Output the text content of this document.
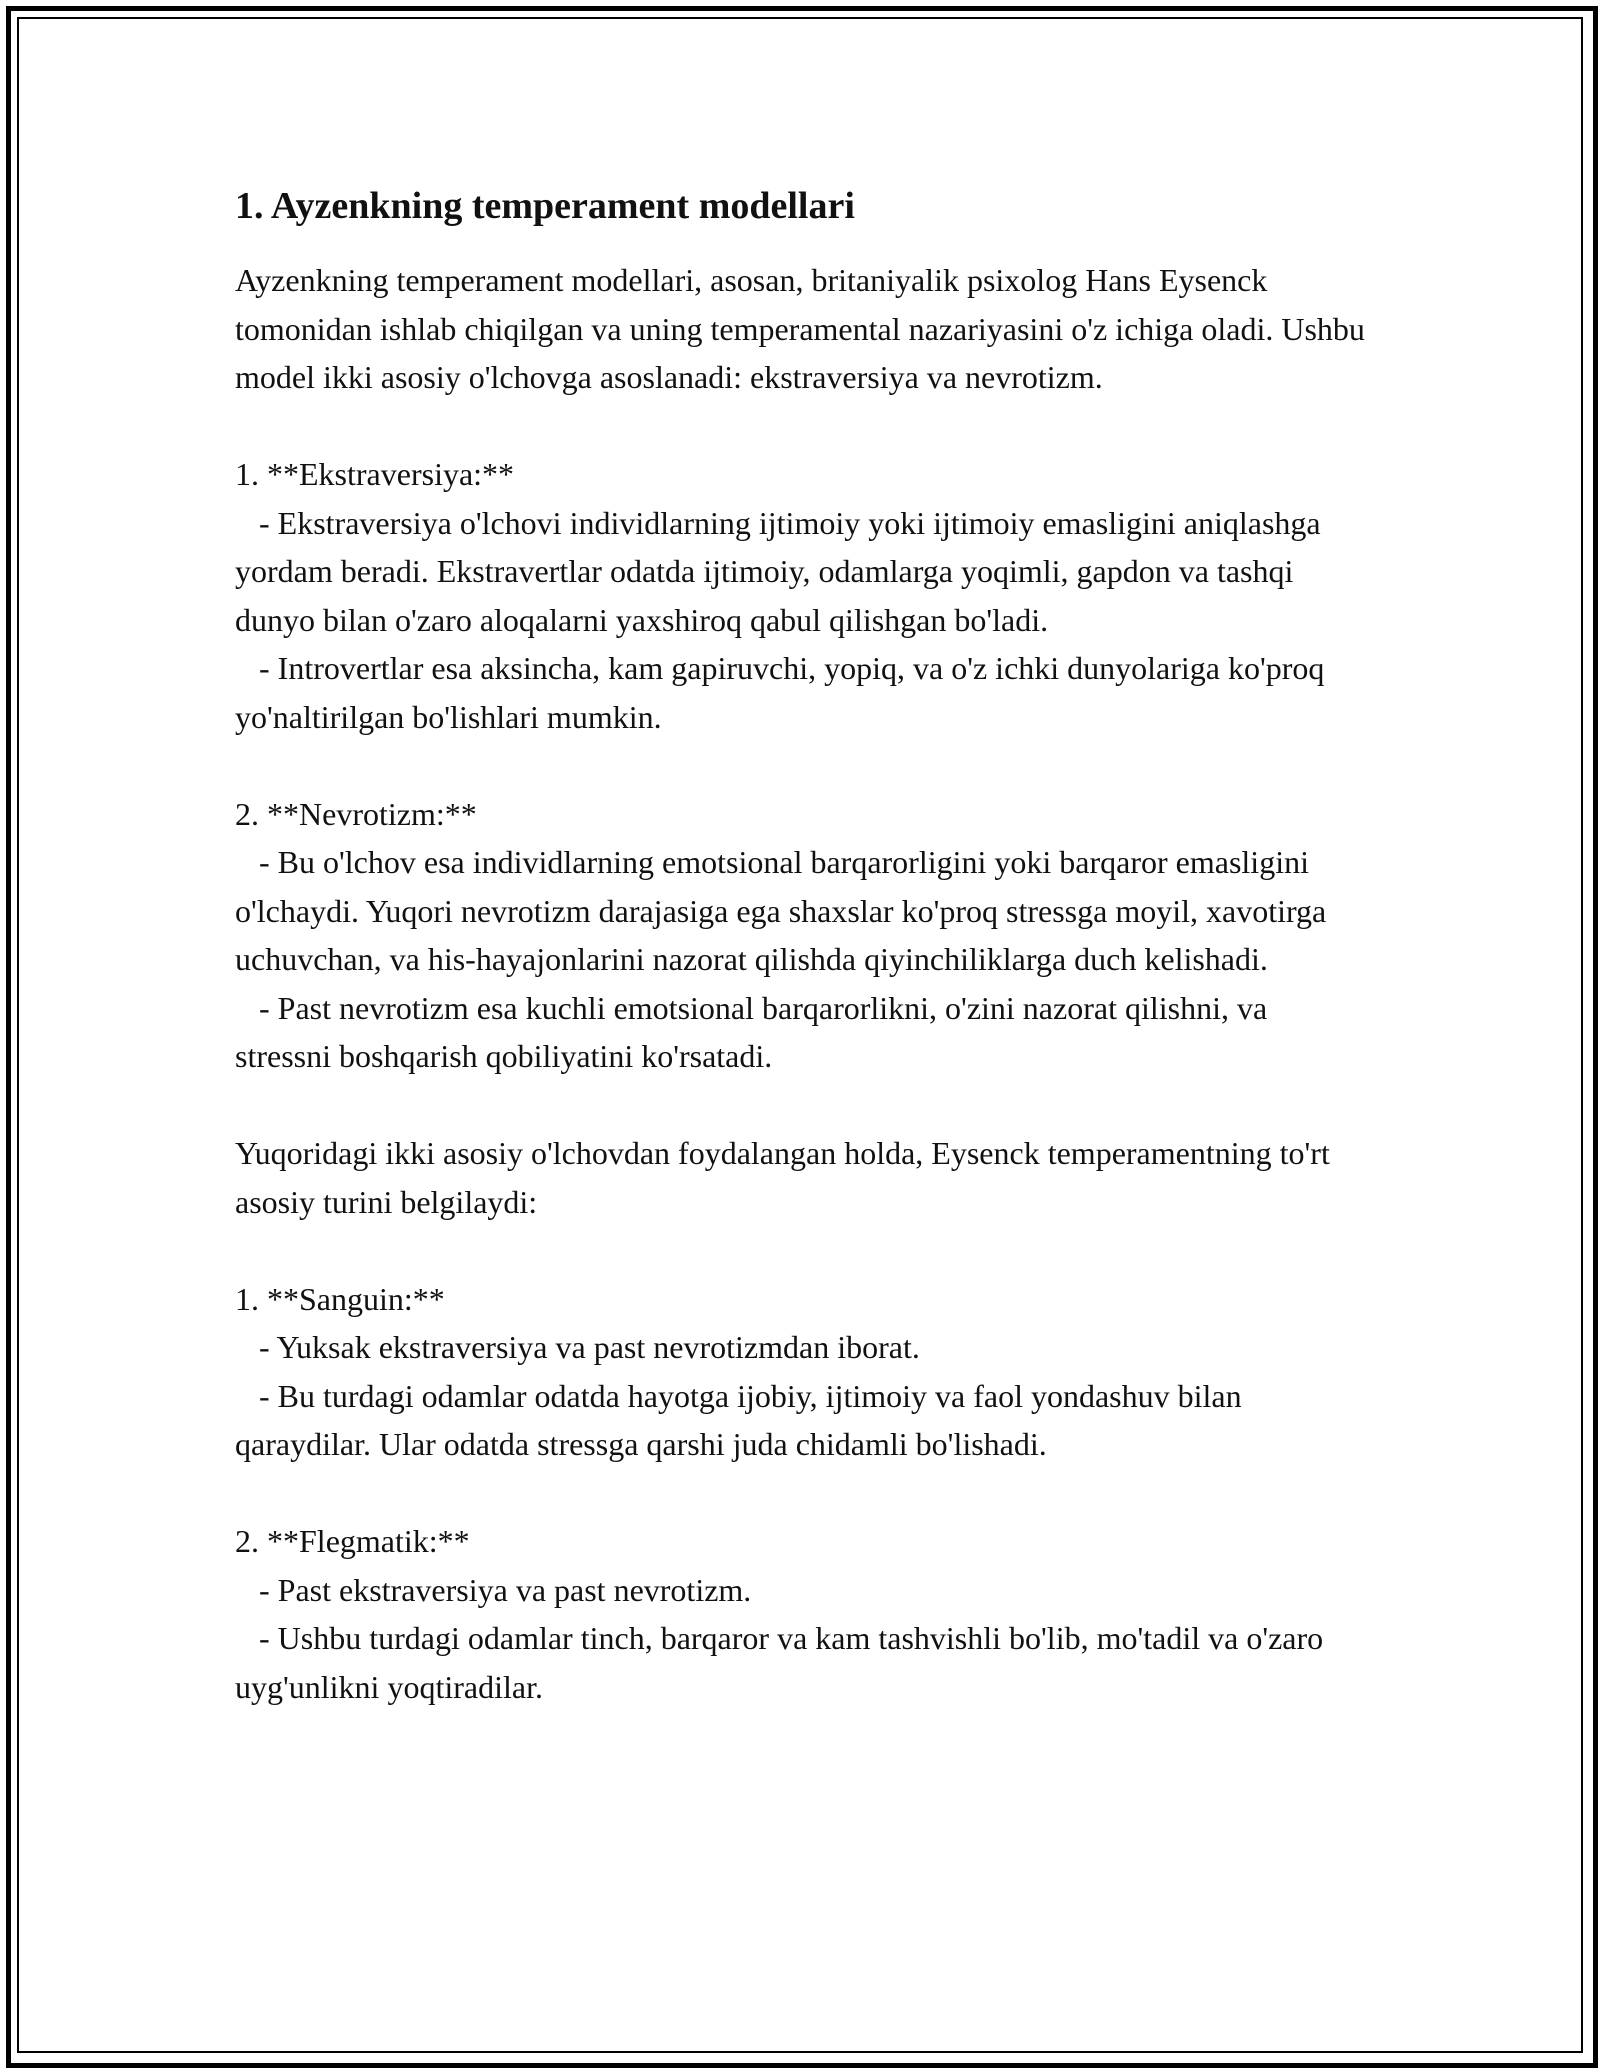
1. Ayzenkning temperament modellari

Ayzenkning temperament modellari, asosan, britaniyalik psixolog Hans Eysenck tomonidan ishlab chiqilgan va uning temperamental nazariyasini o'z ichiga oladi. Ushbu model ikki asosiy o'lchovga asoslanadi: ekstraversiya va nevrotizm.

1. **Ekstraversiya:**

- Ekstraversiya o'lchovi individlarning ijtimoiy yoki ijtimoiy emasligini aniqlashga yordam beradi. Ekstravertlar odatda ijtimoiy, odamlarga yoqimli, gapdon va tashqi dunyo bilan o'zaro aloqalarni yaxshiroq qabul qilishgan bo'ladi.

- Introvertlar esa aksincha, kam gapiruvchi, yopiq, va o'z ichki dunyolariga ko'proq yo'naltirilgan bo'lishlari mumkin.

2. **Nevrotizm:**

- Bu o'lchov esa individlarning emotsional barqarorligini yoki barqaror emasligini o'lchaydi. Yuqori nevrotizm darajasiga ega shaxslar ko'proq stressga moyil, xavotirga uchuvchan, va his-hayajonlarini nazorat qilishda qiyinchiliklarga duch kelishadi.

- Past nevrotizm esa kuchli emotsional barqarorlikni, o'zini nazorat qilishni, va stressni boshqarish qobiliyatini ko'rsatadi.

Yuqoridagi ikki asosiy o'lchovdan foydalangan holda, Eysenck temperamentning to'rt asosiy turini belgilaydi:

1. **Sanguin:**

- Yuksak ekstraversiya va past nevrotizmdan iborat.

- Bu turdagi odamlar odatda hayotga ijobiy, ijtimoiy va faol yondashuv bilan qaraydilar. Ular odatda stressga qarshi juda chidamli bo'lishadi.

2. **Flegmatik:**

- Past ekstraversiya va past nevrotizm.

- Ushbu turdagi odamlar tinch, barqaror va kam tashvishli bo'lib, mo'tadil va o'zaro uyg'unlikni yoqtiradilar.
